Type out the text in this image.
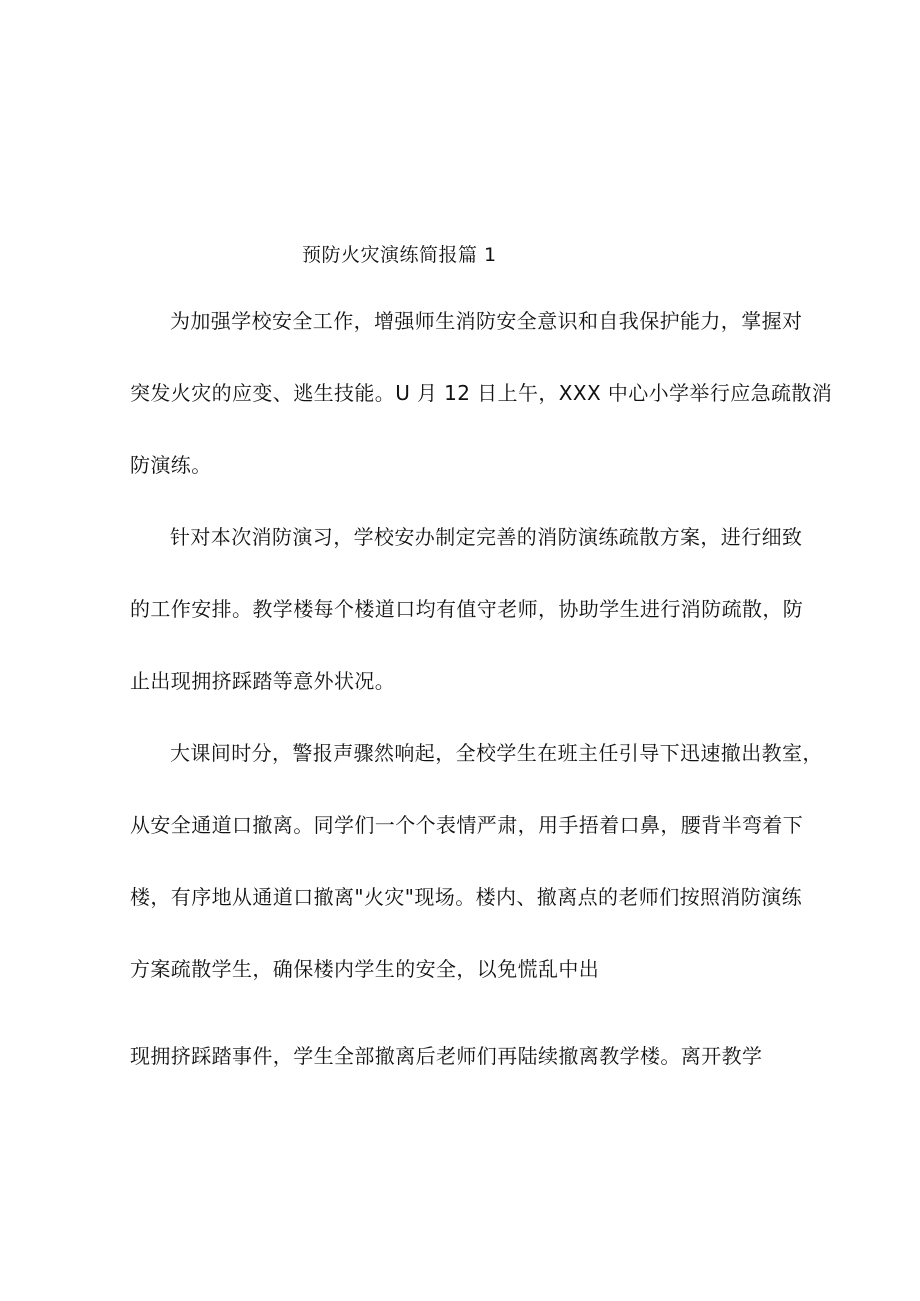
预防火灾演练简报篇 1
为加强学校安全工作，增强师生消防安全意识和自我保护能力，掌握对
突发火灾的应变、逃生技能。U 月 12 日上午，XXX 中心小学举行应急疏散消
防演练。
针对本次消防演习，学校安办制定完善的消防演练疏散方案，进行细致
的工作安排。教学楼每个楼道口均有值守老师，协助学生进行消防疏散，防
止出现拥挤踩踏等意外状况。
大课间时分，警报声骤然响起，全校学生在班主任引导下迅速撤出教室，
从安全通道口撤离。同学们一个个表情严肃，用手捂着口鼻，腰背半弯着下
楼，有序地从通道口撤离"火灾"现场。楼内、撤离点的老师们按照消防演练
方案疏散学生，确保楼内学生的安全，以免慌乱中出
现拥挤踩踏事件，学生全部撤离后老师们再陆续撤离教学楼。离开教学
